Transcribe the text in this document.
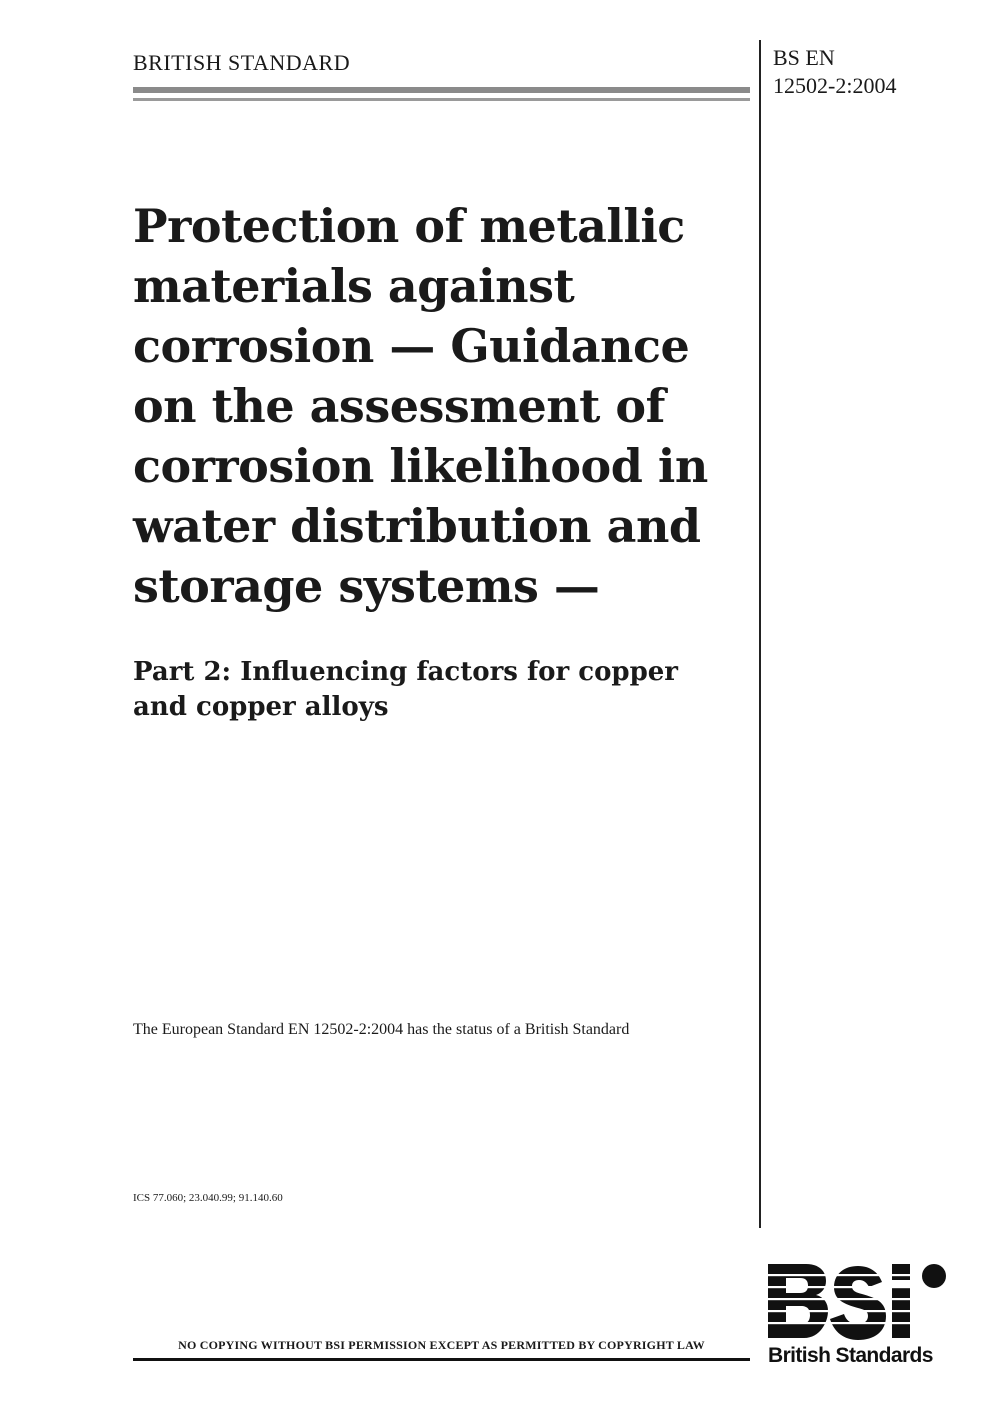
BRITISH STANDARD	BS EN
12502-2:2004
Protection of metallic materials against corrosion — Guidance on the assessment of corrosion likelihood in water distribution and storage systems —
Part 2: Influencing factors for copper and copper alloys
The European Standard EN 12502-2:2004 has the status of a British Standard
ICS 77.060; 23.040.99; 91.140.60
NO COPYING WITHOUT BSI PERMISSION EXCEPT AS PERMITTED BY COPYRIGHT LAW	British Standards
